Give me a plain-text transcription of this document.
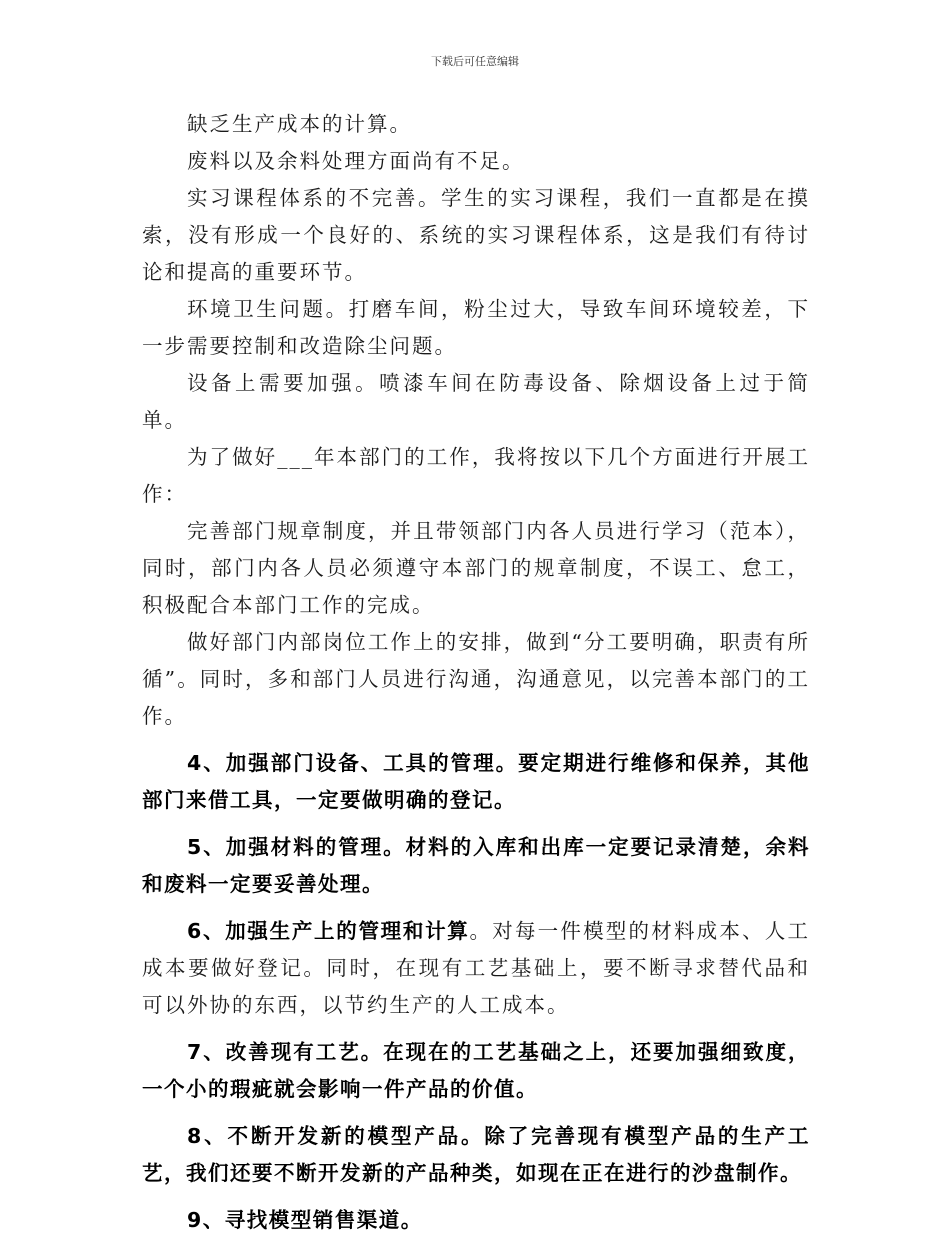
下载后可任意编辑

缺乏生产成本的计算。

废料以及余料处理方面尚有不足。

实习课程体系的不完善。学生的实习课程，我们一直都是在摸索，没有形成一个良好的、系统的实习课程体系，这是我们有待讨论和提高的重要环节。

环境卫生问题。打磨车间，粉尘过大，导致车间环境较差，下一步需要控制和改造除尘问题。

设备上需要加强。喷漆车间在防毒设备、除烟设备上过于简单。

为了做好___年本部门的工作，我将按以下几个方面进行开展工作：

完善部门规章制度，并且带领部门内各人员进行学习（范本），同时，部门内各人员必须遵守本部门的规章制度，不误工、怠工，积极配合本部门工作的完成。

做好部门内部岗位工作上的安排，做到“分工要明确，职责有所循”。同时，多和部门人员进行沟通，沟通意见，以完善本部门的工作。

4、加强部门设备、工具的管理。要定期进行维修和保养，其他部门来借工具，一定要做明确的登记。

5、加强材料的管理。材料的入库和出库一定要记录清楚，余料和废料一定要妥善处理。

6、加强生产上的管理和计算。对每一件模型的材料成本、人工成本要做好登记。同时，在现有工艺基础上，要不断寻求替代品和可以外协的东西，以节约生产的人工成本。

7、改善现有工艺。在现在的工艺基础之上，还要加强细致度，一个小的瑕疵就会影响一件产品的价值。

8、不断开发新的模型产品。除了完善现有模型产品的生产工艺，我们还要不断开发新的产品种类，如现在正在进行的沙盘制作。

9、寻找模型销售渠道。
